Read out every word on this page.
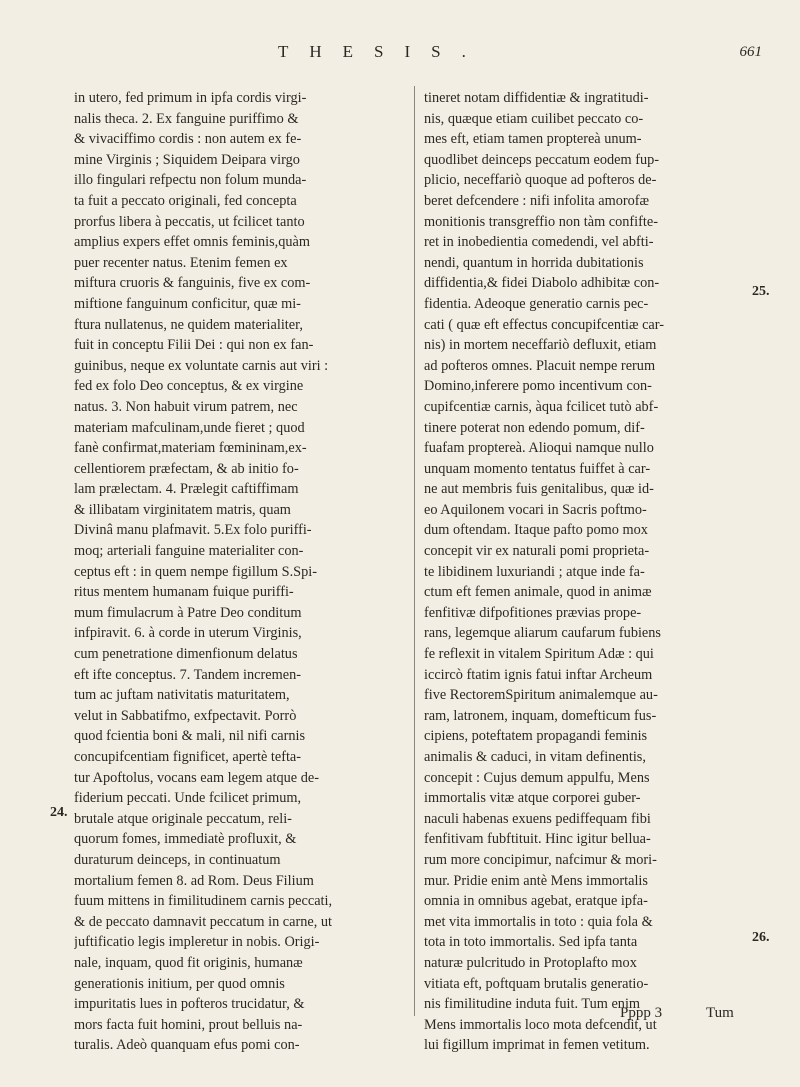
THESIS.	661
in utero, fed primum in ipfa cordis virgi-
nalis theca. 2. Ex fanguine puriffimo &
& vivaciffimo cordis : non autem ex fe-
mine Virginis ; Siquidem Deipara virgo
illo fingulari refpectu non folum munda-
ta fuit a peccato originali, fed concepta
prorfus libera à peccatis, ut fcilicet tanto
amplius expers effet omnis feminis,quàm
puer recenter natus. Etenim femen ex
miftura cruoris & fanguinis, five ex com-
miftione fanguinum conficitur, quæ mi-
ftura nullatenus, ne quidem materialiter,
fuit in conceptu Filii Dei : qui non ex fan-
guinibus, neque ex voluntate carnis aut viri :
fed ex folo Deo conceptus, & ex virgine
natus. 3. Non habuit virum patrem, nec
materiam mafculinam,unde fieret ; quod
fanè confirmat,materiam fœmininam,ex-
cellentiorem præfectam, & ab initio fo-
lam prælectam. 4. Prælegit caftiffimam
& illibatam virginitatem matris, quam
Divinâ manu plafmavit. 5.Ex folo puriffi-
moq; arteriali fanguine materialiter con-
ceptus eft : in quem nempe figillum S.Spi-
ritus mentem humanam fuique puriffi-
mum fimulacrum à Patre Deo conditum
infpiravit. 6. à corde in uterum Virginis,
cum penetratione dimenfionum delatus
eft ifte conceptus. 7. Tandem incremen-
tum ac juftam nativitatis maturitatem,
velut in Sabbatifmo, exfpectavit. Porrò
quod fcientia boni & mali, nil nifi carnis
concupifcentiam fignificet, apertè tefta-
tur Apoftolus, vocans eam legem atque de-
fiderium peccati. Unde fcilicet primum,
brutale atque originale peccatum, reli-
quorum fomes, immediatè profluxit, &
duraturum deinceps, in continuatum
mortalium femen 8. ad Rom. Deus Filium
fuum mittens in fimilitudinem carnis peccati,
& de peccato damnavit peccatum in carne, ut
juftificatio legis impleretur in nobis. Origi-
nale, inquam, quod fit originis, humanæ
generationis initium, per quod omnis
impuritatis lues in pofteros trucidatur, &
mors facta fuit homini, prout belluis na-
turalis. Adeò quanquam efus pomi con-
tineret notam diffidentiæ & ingratitudi-
nis, quæque etiam cuilibet peccato co-
mes eft, etiam tamen proptereà unum-
quodlibet deinceps peccatum eodem fup-
plicio, neceffariò quoque ad pofteros de-
beret defcendere : nifi infolita amorofæ
monitionis transgreffio non tàm confifte-
ret in inobedientia comedendi, vel abfti-
nendi, quantum in horrida dubitationis
diffidentia,& fidei Diabolo adhibitæ con-
fidentia. Adeoque generatio carnis pec-
cati ( quæ eft effectus concupifcentiæ car-
nis) in mortem neceffariò defluxit, etiam
ad pofteros omnes. Placuit nempe rerum
Domino,inferere pomo incentivum con-
cupifcentiæ carnis, àqua fcilicet tutò abf-
tinere poterat non edendo pomum, dif-
fuafam proptereà. Alioqui namque nullo
unquam momento tentatus fuiffet à car-
ne aut membris fuis genitalibus, quæ id-
eo Aquilonem vocari in Sacris poftmo-
dum oftendam. Itaque pafto pomo mox
concepit vir ex naturali pomi proprieta-
te libidinem luxuriandi ; atque inde fa-
ctum eft femen animale, quod in animæ
fenfitivæ difpofitiones prævias prope-
rans, legemque aliarum caufarum fubiens
fe reflexit in vitalem Spiritum Adæ : qui
iccircò ftatim ignis fatui inftar Archeum
five RectoremSpiritum animalemque au-
ram, latronem, inquam, domefticum fus-
cipiens, poteftatem propagandi feminis
animalis & caduci, in vitam definentis,
concepit : Cujus demum appulfu, Mens
immortalis vitæ atque corporei guber-
naculi habenas exuens pediffequam fibi
fenfitivam fubftituit. Hinc igitur bellua-
rum more concipimur, nafcimur & mori-
mur. Pridie enim antè Mens immortalis
omnia in omnibus agebat, eratque ipfa-
met vita immortalis in toto : quia fola &
tota in toto immortalis. Sed ipfa tanta
naturæ pulcritudo in Protoplafto mox
vitiata eft, poftquam brutalis generatio-
nis fimilitudine induta fuit. Tum enim
Mens immortalis loco mota defcendit, ut
lui figillum imprimat in femen vetitum.
24.
25.
26.
Pppp 3	Tum
